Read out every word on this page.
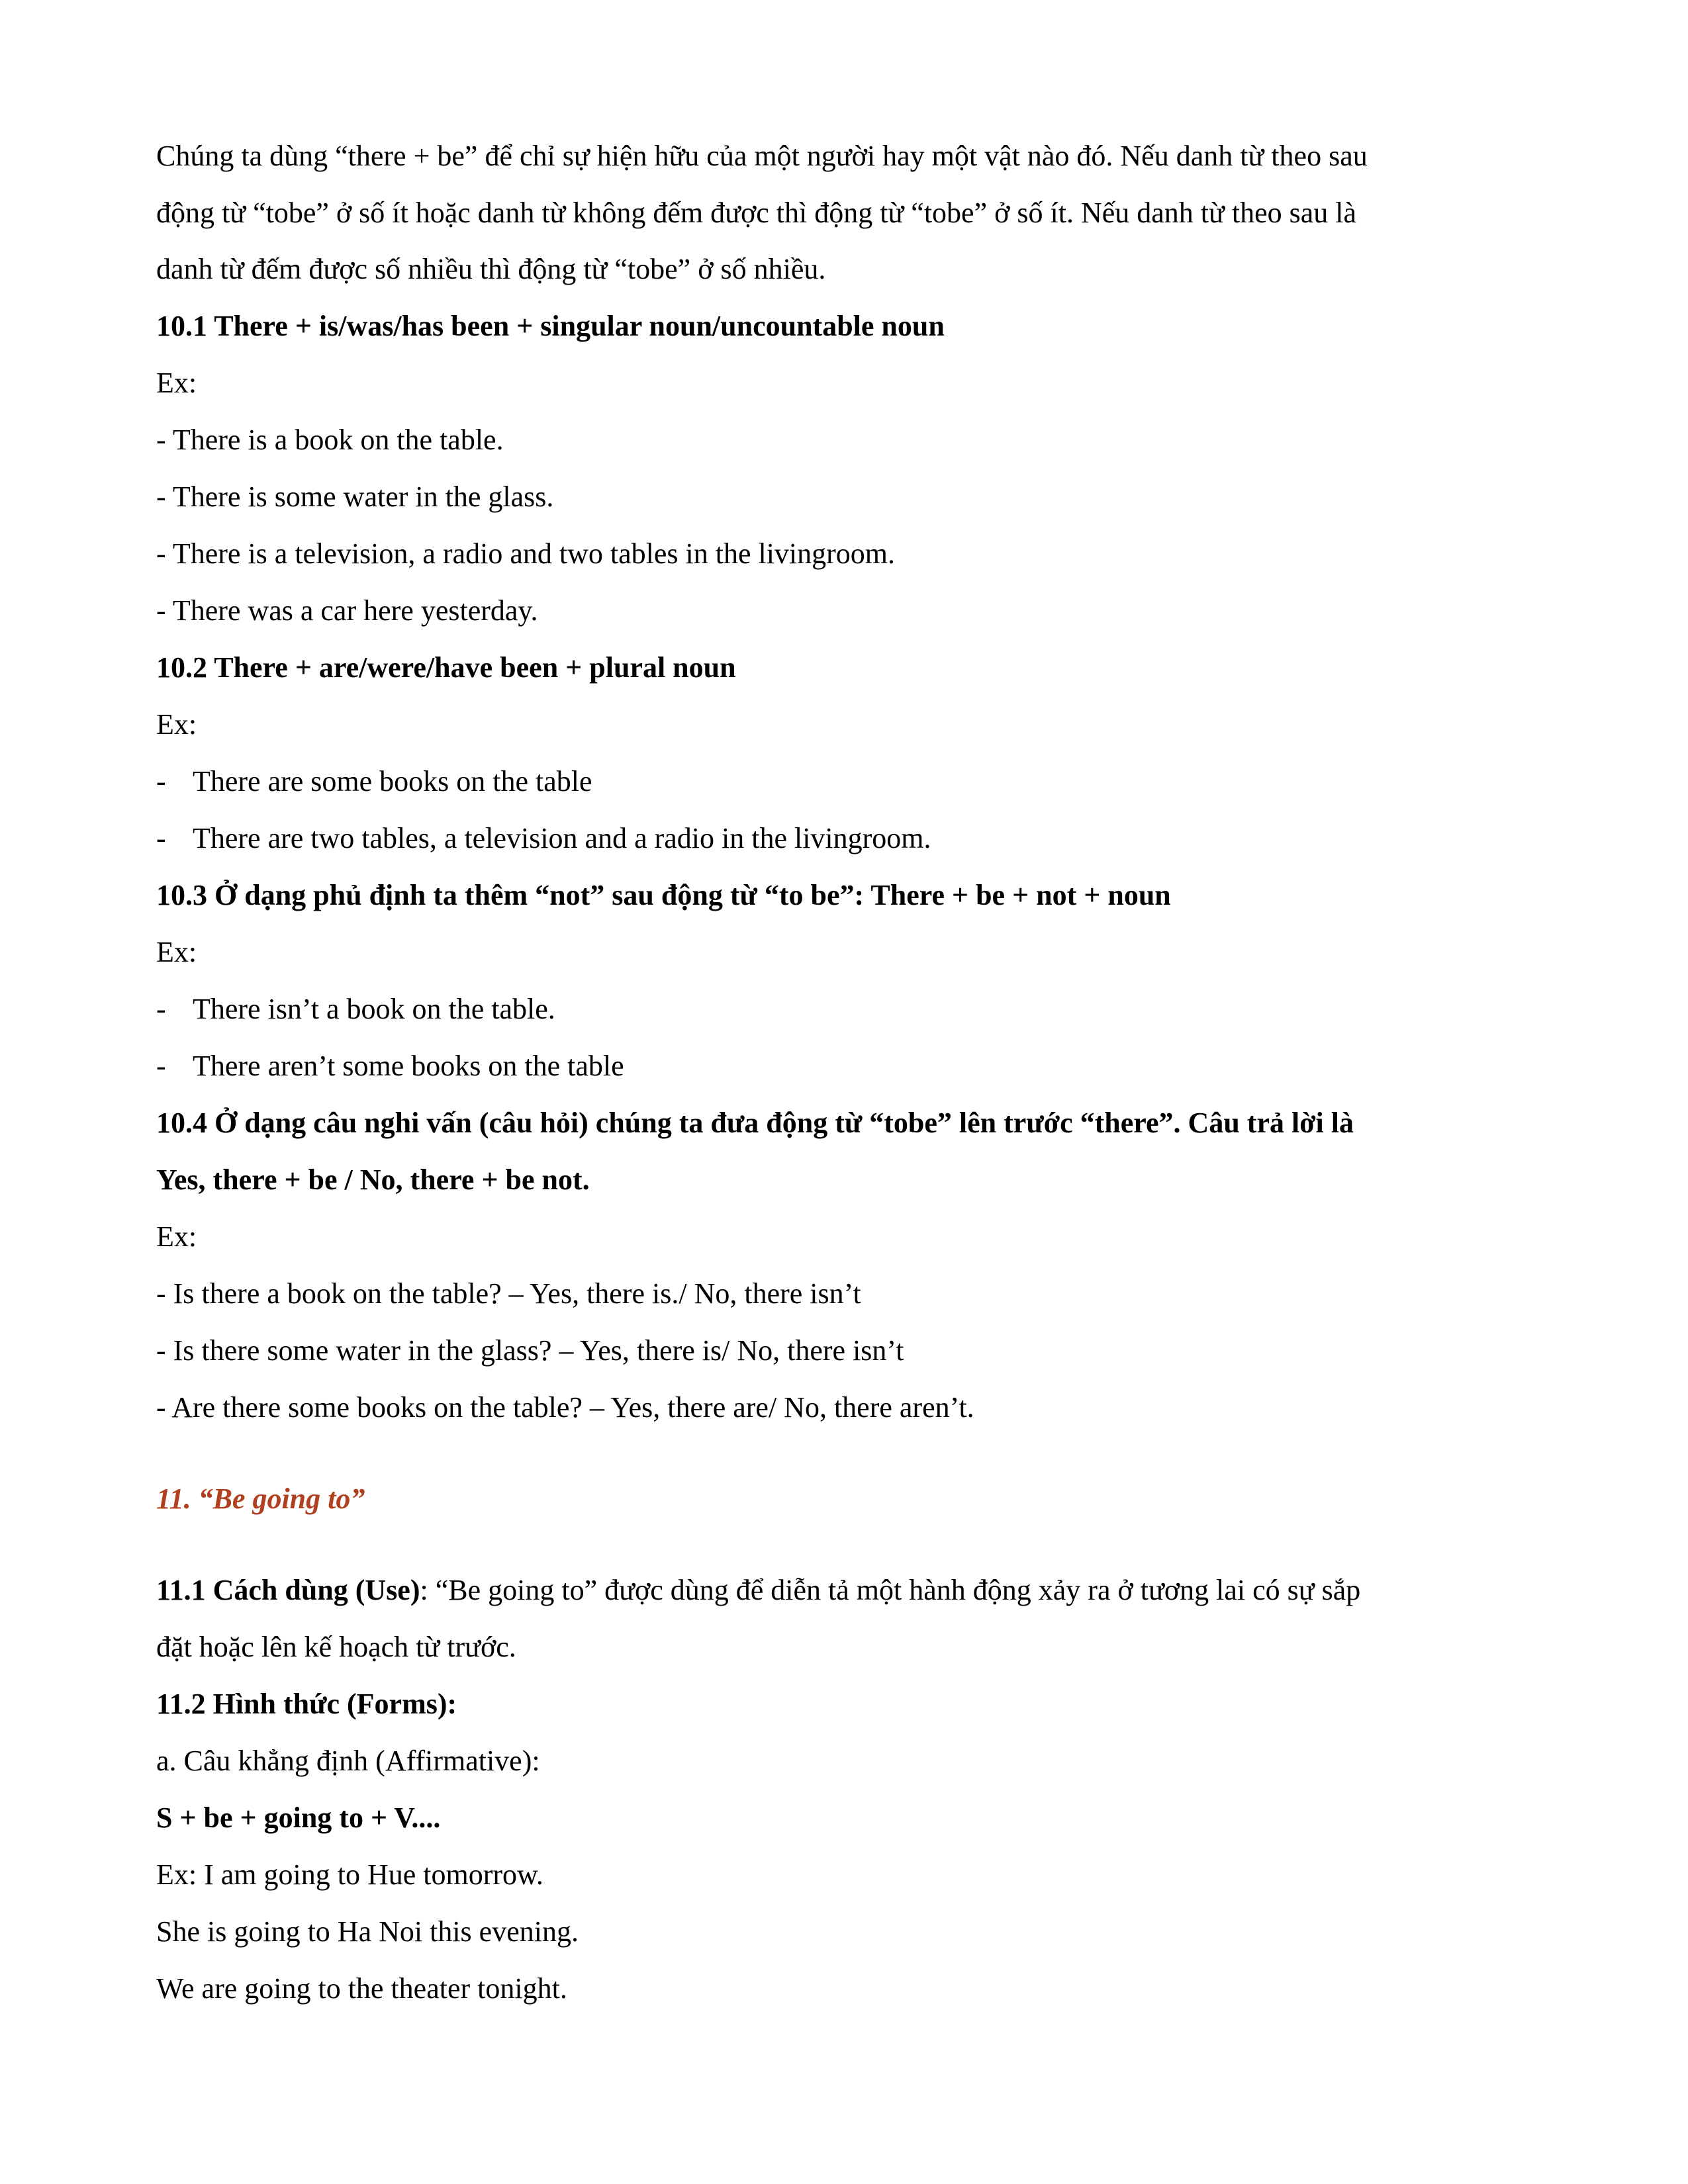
Chúng ta dùng “there + be” để chỉ sự hiện hữu của một người hay một vật nào đó. Nếu danh từ theo sau
động từ “tobe” ở số ít hoặc danh từ không đếm được thì động từ “tobe” ở số ít. Nếu danh từ theo sau là
danh từ đếm được số nhiều thì động từ “tobe” ở số nhiều.
10.1 There + is/was/has been + singular noun/uncountable noun
Ex:
- There is a book on the table.
- There is some water in the glass.
- There is a television, a radio and two tables in the livingroom.
- There was a car here yesterday.
10.2 There + are/were/have been + plural noun
Ex:
- There are some books on the table
- There are two tables, a television and a radio in the livingroom.
10.3 Ở dạng phủ định ta thêm “not” sau động từ “to be”: There + be + not + noun
Ex:
- There isn’t a book on the table.
- There aren’t some books on the table
10.4 Ở dạng câu nghi vấn (câu hỏi) chúng ta đưa động từ “tobe” lên trước “there”. Câu trả lời là
Yes, there + be / No, there + be not.
Ex:
- Is there a book on the table? – Yes, there is./ No, there isn’t
- Is there some water in the glass? – Yes, there is/ No, there isn’t
- Are there some books on the table? – Yes, there are/ No, there aren’t.
11. “Be going to”
11.1 Cách dùng (Use): “Be going to” được dùng để diễn tả một hành động xảy ra ở tương lai có sự sắp
đặt hoặc lên kế hoạch từ trước.
11.2 Hình thức (Forms):
a. Câu khẳng định (Affirmative):
S + be + going to + V....
Ex: I am going to Hue tomorrow.
She is going to Ha Noi this evening.
We are going to the theater tonight.
